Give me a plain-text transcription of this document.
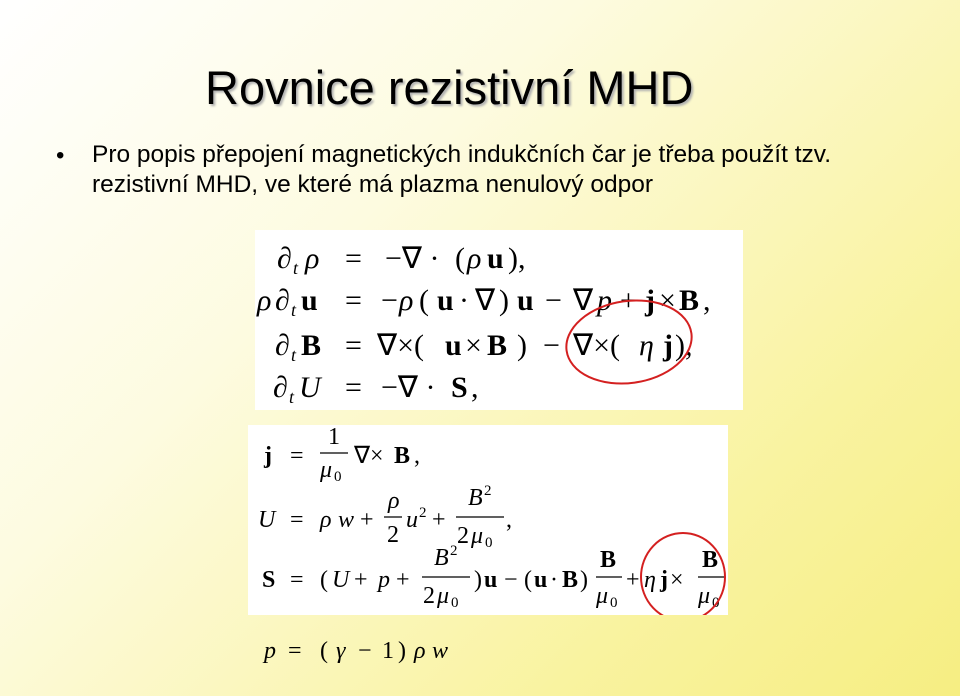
Rovnice rezistivní MHD
• Pro popis přepojení magnetických indukčních čar je třeba použít tzv. rezistivní MHD, ve které má plazma nenulový odpor
∂ t ρ = −∇ · ( ρ u ),
ρ ∂ t u = − ρ ( u · ∇ ) u − ∇ p + j × B ,
∂ t B = ∇×( u × B ) − ∇×( η j ),
∂ t U = −∇ · S ,
j =
1
μ 0
∇× B ,
U = ρ w +
ρ
2
u 2 +
B 2
2 μ 0
,
S = ( U + p +
B 2
2 μ 0
) u − ( u · B )
B
μ 0
+ η j ×
B
μ 0
p = ( γ − 1 ) ρ w
